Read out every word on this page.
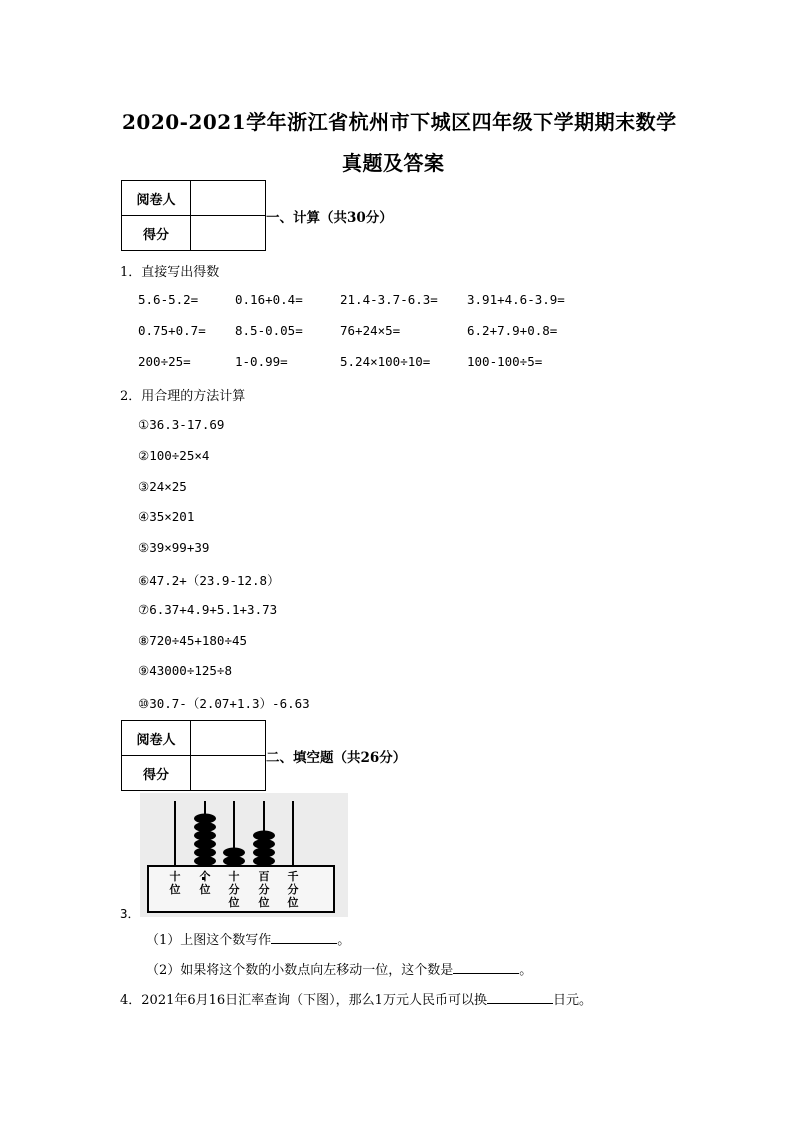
2020-2021学年浙江省杭州市下城区四年级下学期期末数学
真题及答案
阅卷人	
得分	
一、计算（共30分）
1．直接写出得数
5.6-5.2=	0.16+0.4=	21.4-3.7-6.3= 3.91+4.6-3.9=
0.75+0.7= 8.5-0.05=	76+24×5=	6.2+7.9+0.8=
200÷25=	1-0.99=	5.24×100÷10=	100-100÷5=
2．用合理的方法计算
①36.3-17.69
②100÷25×4
③24×25
④35×201
⑤39×99+39
⑥47.2+（23.9-12.8）
⑦6.37+4.9+5.1+3.73
⑧720÷45+180÷45
⑨43000÷125÷8
⑩30.7-（2.07+1.3）-6.63
阅卷人	
得分	
二、填空题（共26分）
十位
个位
十分位
百分位
千分位
3．
（1）上图这个数写作	。
（2）如果将这个数的小数点向左移动一位，这个数是	。
4．2021年6月16日汇率查询（下图），那么1万元人民币可以换	日元。
